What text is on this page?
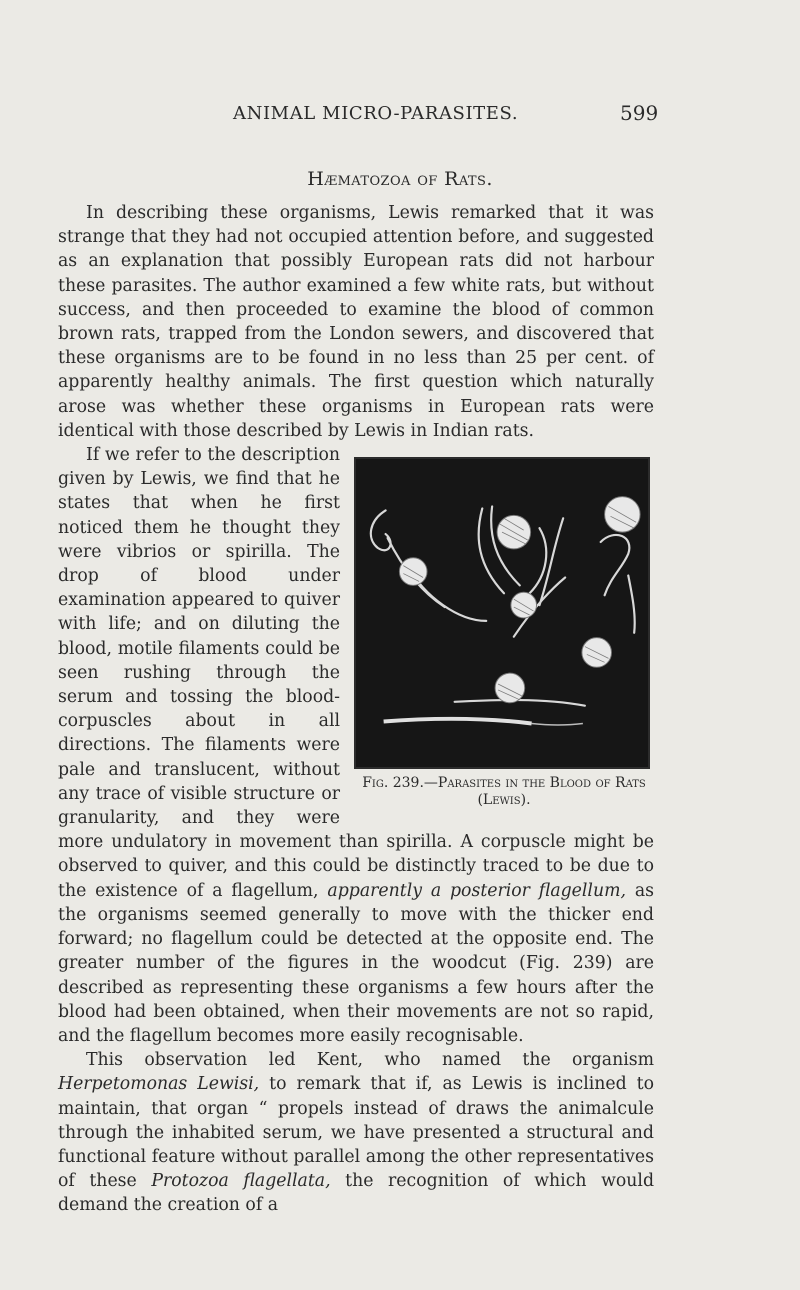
ANIMAL MICRO-PARASITES.	599
Hæmatozoa of Rats.

In describing these organisms, Lewis remarked that it was strange that they had not occupied attention before, and suggested as an explanation that possibly European rats did not harbour these parasites. The author examined a few white rats, but without success, and then proceeded to examine the blood of common brown rats, trapped from the London sewers, and discovered that these organisms are to be found in no less than 25 per cent. of apparently healthy animals. The first question which naturally arose was whether these organisms in European rats were identical with those described by Lewis in Indian rats.

Fig. 239.—Parasites in the Blood of Rats (Lewis).
If we refer to the description given by Lewis, we find that he states that when he first noticed them he thought they were vibrios or spirilla. The drop of blood under examination appeared to quiver with life; and on diluting the blood, motile filaments could be seen rushing through the serum and tossing the blood-corpuscles about in all directions. The filaments were pale and translucent, without any trace of visible structure or granularity, and they were more undulatory in movement than spirilla. A corpuscle might be observed to quiver, and this could be distinctly traced to be due to the existence of a flagellum, apparently a posterior flagellum, as the organisms seemed generally to move with the thicker end forward; no flagellum could be detected at the opposite end. The greater number of the figures in the woodcut (Fig. 239) are described as representing these organisms a few hours after the blood had been obtained, when their movements are not so rapid, and the flagellum becomes more easily recognisable.

This observation led Kent, who named the organism Herpetomonas Lewisi, to remark that if, as Lewis is inclined to maintain, that organ “ propels instead of draws the animalcule through the inhabited serum, we have presented a structural and functional feature without parallel among the other representatives of these Protozoa flagellata, the recognition of which would demand the creation of a
